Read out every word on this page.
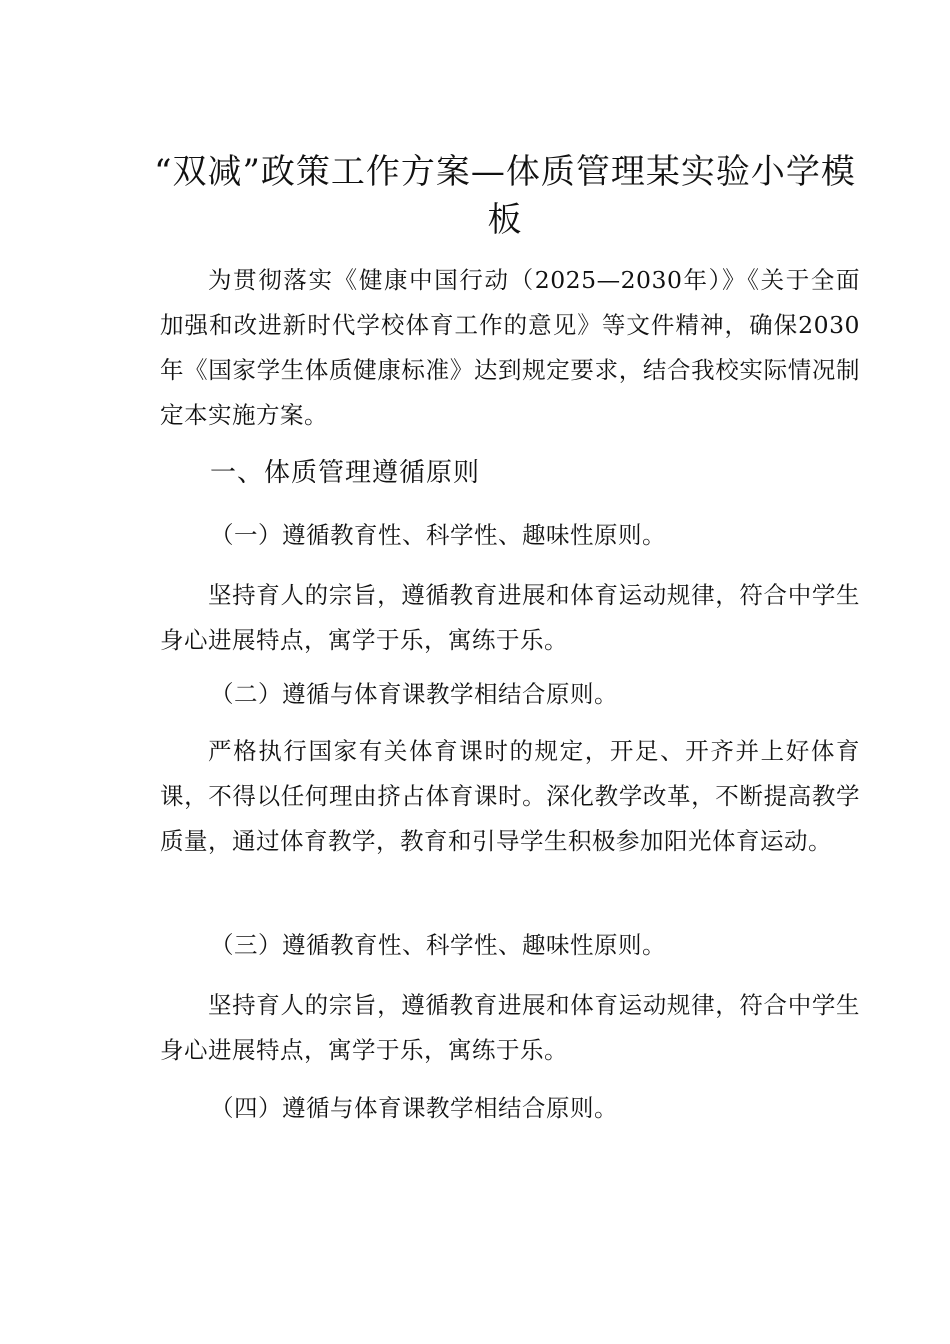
“双减”政策工作方案—体质管理某实验小学模板

为贯彻落实《健康中国行动（2025—2030年）》《关于全面加强和改进新时代学校体育工作的意见》等文件精神，确保2030年《国家学生体质健康标准》达到规定要求，结合我校实际情况制定本实施方案。

一、体质管理遵循原则
（一）遵循教育性、科学性、趣味性原则。

坚持育人的宗旨，遵循教育进展和体育运动规律，符合中学生身心进展特点，寓学于乐，寓练于乐。

（二）遵循与体育课教学相结合原则。

严格执行国家有关体育课时的规定，开足、开齐并上好体育课，不得以任何理由挤占体育课时。深化教学改革，不断提高教学质量，通过体育教学，教育和引导学生积极参加阳光体育运动。

（三）遵循教育性、科学性、趣味性原则。

坚持育人的宗旨，遵循教育进展和体育运动规律，符合中学生身心进展特点，寓学于乐，寓练于乐。

（四）遵循与体育课教学相结合原则。
